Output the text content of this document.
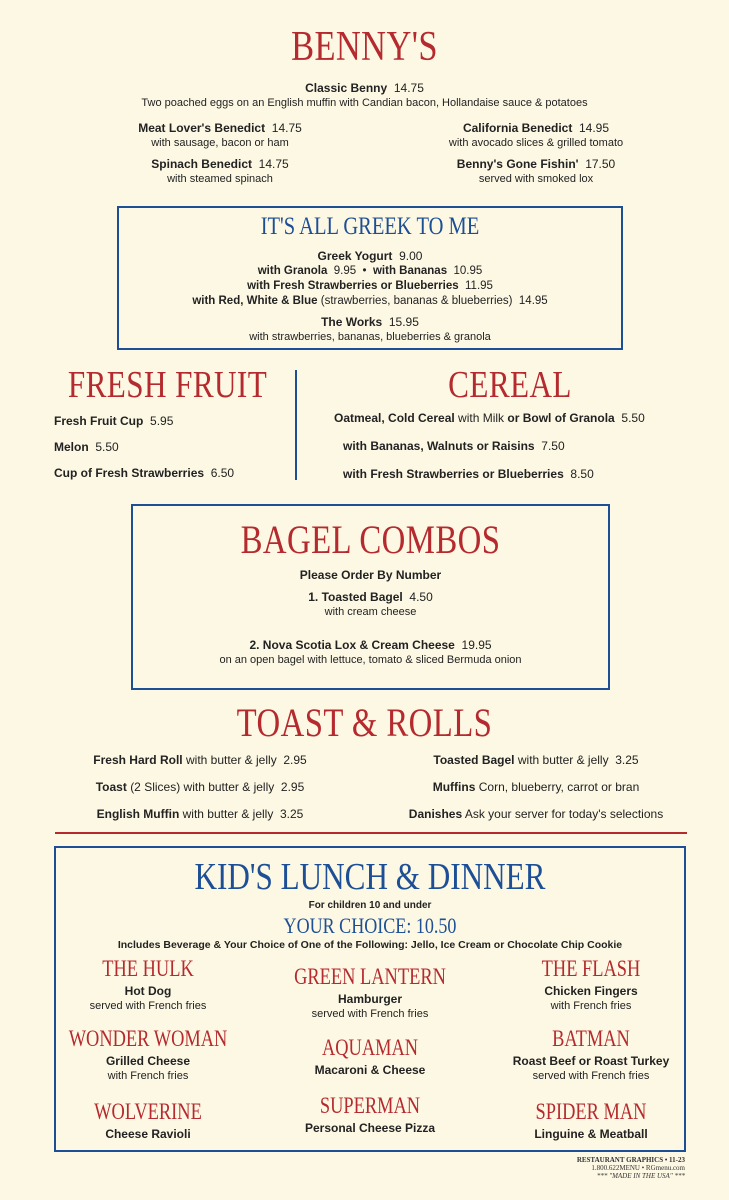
BENNY'S
Classic Benny 14.75
Two poached eggs on an English muffin with Candian bacon, Hollandaise sauce & potatoes
Meat Lover's Benedict 14.75
with sausage, bacon or ham
Spinach Benedict 14.75
with steamed spinach
California Benedict 14.95
with avocado slices & grilled tomato
Benny's Gone Fishin' 17.50
served with smoked lox
IT'S ALL GREEK TO ME
Greek Yogurt 9.00
with Granola 9.95 • with Bananas 10.95
with Fresh Strawberries or Blueberries 11.95
with Red, White & Blue (strawberries, bananas & blueberries) 14.95
The Works 15.95
with strawberries, bananas, blueberries & granola
FRESH FRUIT
Fresh Fruit Cup 5.95
Melon 5.50
Cup of Fresh Strawberries 6.50
CEREAL
Oatmeal, Cold Cereal with Milk or Bowl of Granola 5.50
with Bananas, Walnuts or Raisins 7.50
with Fresh Strawberries or Blueberries 8.50
BAGEL COMBOS
Please Order By Number
1. Toasted Bagel 4.50
with cream cheese
2. Nova Scotia Lox & Cream Cheese 19.95
on an open bagel with lettuce, tomato & sliced Bermuda onion
TOAST & ROLLS
Fresh Hard Roll with butter & jelly 2.95
Toast (2 Slices) with butter & jelly 2.95
English Muffin with butter & jelly 3.25
Toasted Bagel with butter & jelly 3.25
Muffins Corn, blueberry, carrot or bran
Danishes Ask your server for today's selections
KID'S LUNCH & DINNER
For children 10 and under
YOUR CHOICE: 10.50
Includes Beverage & Your Choice of One of the Following: Jello, Ice Cream or Chocolate Chip Cookie
THE HULK
Hot Dog
served with French fries
GREEN LANTERN
Hamburger
served with French fries
THE FLASH
Chicken Fingers
with French fries
WONDER WOMAN
Grilled Cheese
with French fries
AQUAMAN
Macaroni & Cheese
BATMAN
Roast Beef or Roast Turkey
served with French fries
WOLVERINE
Cheese Ravioli
SUPERMAN
Personal Cheese Pizza
SPIDER MAN
Linguine & Meatball
RESTAURANT GRAPHICS • 11-23
1.800.622MENU • RGmenu.com
*** "MADE IN THE USA" ***
